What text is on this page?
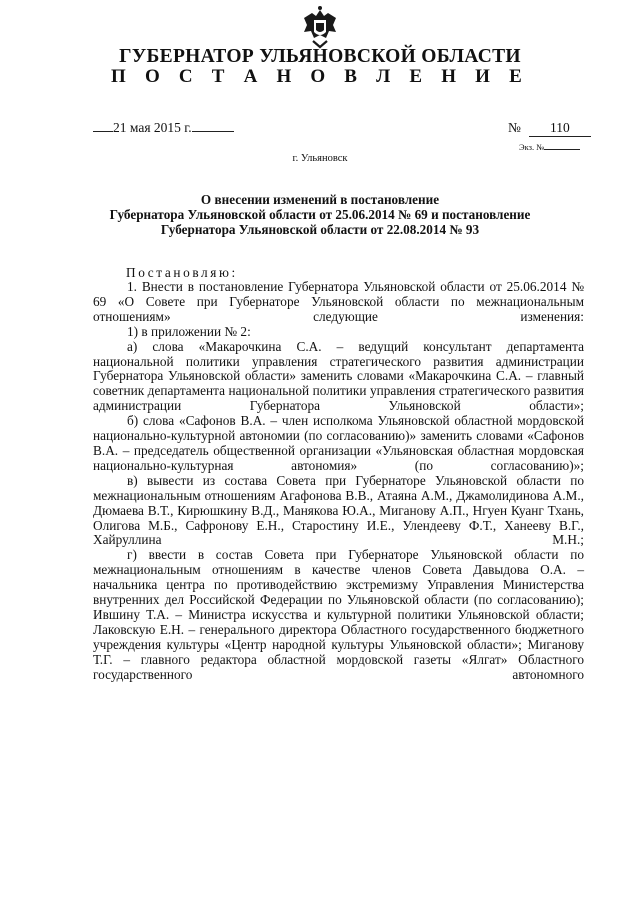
ГУБЕРНАТОР УЛЬЯНОВСКОЙ ОБЛАСТИ
П О С Т А Н О В Л Е Н И Е
21 мая 2015 г.	№ 110
Экз. №
г. Ульяновск
О внесении изменений в постановление
Губернатора Ульяновской области от 25.06.2014 № 69 и постановление
Губернатора Ульяновской области от 22.08.2014 № 93
Постановляю:

1. Внести в постановление Губернатора Ульяновской области от 25.06.2014 № 69 «О Совете при Губернаторе Ульяновской области по межнациональным отношениям» следующие изменения:

1) в приложении № 2:

а) слова «Макарочкина С.А. – ведущий консультант департамента национальной политики управления стратегического развития администрации Губернатора Ульяновской области» заменить словами «Макарочкина С.А. – главный советник департамента национальной политики управления стратегического развития администрации Губернатора Ульяновской области»;

б) слова «Сафонов В.А. – член исполкома Ульяновской областной мордовской национально-культурной автономии (по согласованию)» заменить словами «Сафонов В.А. – председатель общественной организации «Ульяновская областная мордовская национально-культурная автономия» (по согласованию)»;

в) вывести из состава Совета при Губернаторе Ульяновской области по межнациональным отношениям Агафонова В.В., Атаяна А.М., Джамолидинова А.М., Дюмаева В.Т., Кирюшкину В.Д., Манякова Ю.А., Миганову А.П., Нгуен Куанг Тхань, Олигова М.Б., Сафронову Е.Н., Старостину И.Е., Улендееву Ф.Т., Ханееву В.Г., Хайруллина М.Н.;

г) ввести в состав Совета при Губернаторе Ульяновской области по межнациональным отношениям в качестве членов Совета Давыдова О.А. – начальника центра по противодействию экстремизму Управления Министерства внутренних дел Российской Федерации по Ульяновской области (по согласованию); Ившину Т.А. – Министра искусства и культурной политики Ульяновской области; Лаковскую Е.Н. – генерального директора Областного государственного бюджетного учреждения культуры «Центр народной культуры Ульяновской области»; Миганову Т.Г. – главного редактора областной мордовской газеты «Ялгат» Областного государственного автономного
